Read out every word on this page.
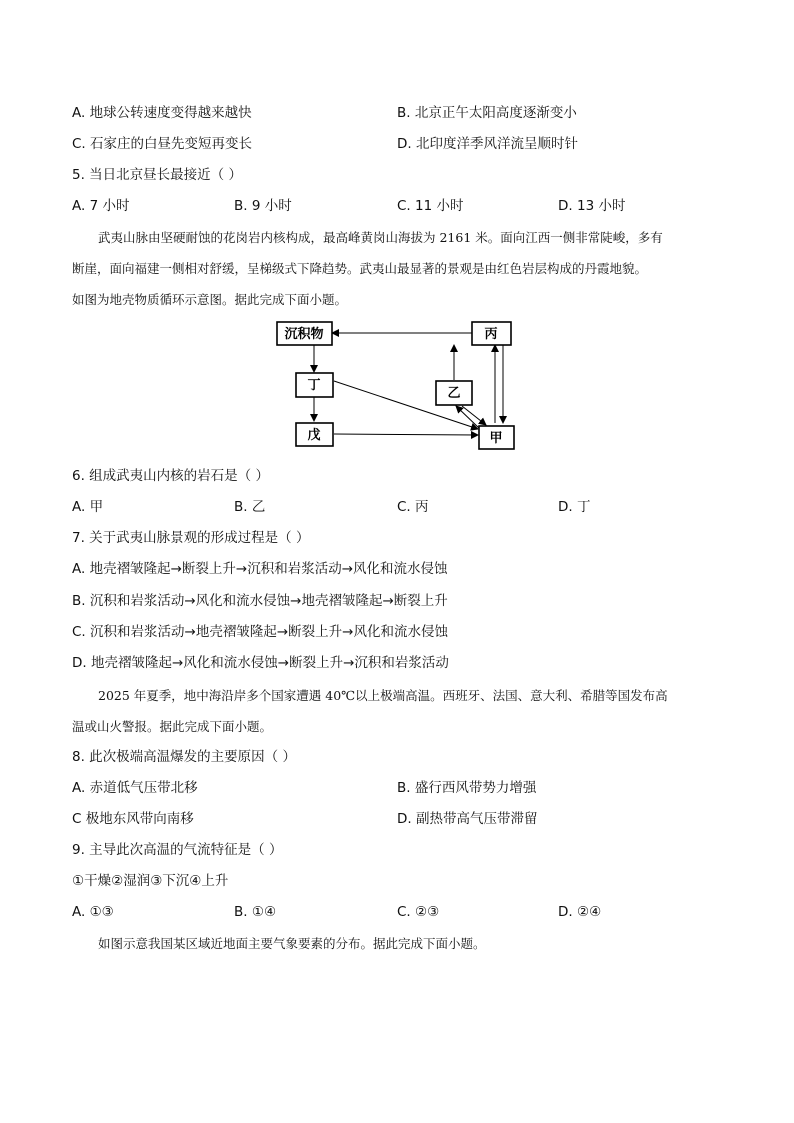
A. 地球公转速度变得越来越快	B. 北京正午太阳高度逐渐变小
C. 石家庄的白昼先变短再变长	D. 北印度洋季风洋流呈顺时针
5. 当日北京昼长最接近（ ）
A. 7 小时	B. 9 小时	C. 11 小时	D. 13 小时
武夷山脉由坚硬耐蚀的花岗岩内核构成，最高峰黄岗山海拔为 2161 米。面向江西一侧非常陡峻，多有
断崖，面向福建一侧相对舒缓，呈梯级式下降趋势。武夷山最显著的景观是由红色岩层构成的丹霞地貌。
如图为地壳物质循环示意图。据此完成下面小题。
沉积物	丙
丁
乙
戊	甲
6. 组成武夷山内核的岩石是（ ）
A. 甲	B. 乙	C. 丙	D. 丁
7. 关于武夷山脉景观的形成过程是（ ）
A. 地壳褶皱隆起→断裂上升→沉积和岩浆活动→风化和流水侵蚀
B. 沉积和岩浆活动→风化和流水侵蚀→地壳褶皱隆起→断裂上升
C. 沉积和岩浆活动→地壳褶皱隆起→断裂上升→风化和流水侵蚀
D. 地壳褶皱隆起→风化和流水侵蚀→断裂上升→沉积和岩浆活动
2025 年夏季，地中海沿岸多个国家遭遇 40℃以上极端高温。西班牙、法国、意大利、希腊等国发布高
温或山火警报。据此完成下面小题。
8. 此次极端高温爆发的主要原因（ ）
A. 赤道低气压带北移	B. 盛行西风带势力增强
C 极地东风带向南移	D. 副热带高气压带滞留
9. 主导此次高温的气流特征是（ ）
①干燥②湿润③下沉④上升
A. ①③	B. ①④	C. ②③	D. ②④
如图示意我国某区域近地面主要气象要素的分布。据此完成下面小题。
